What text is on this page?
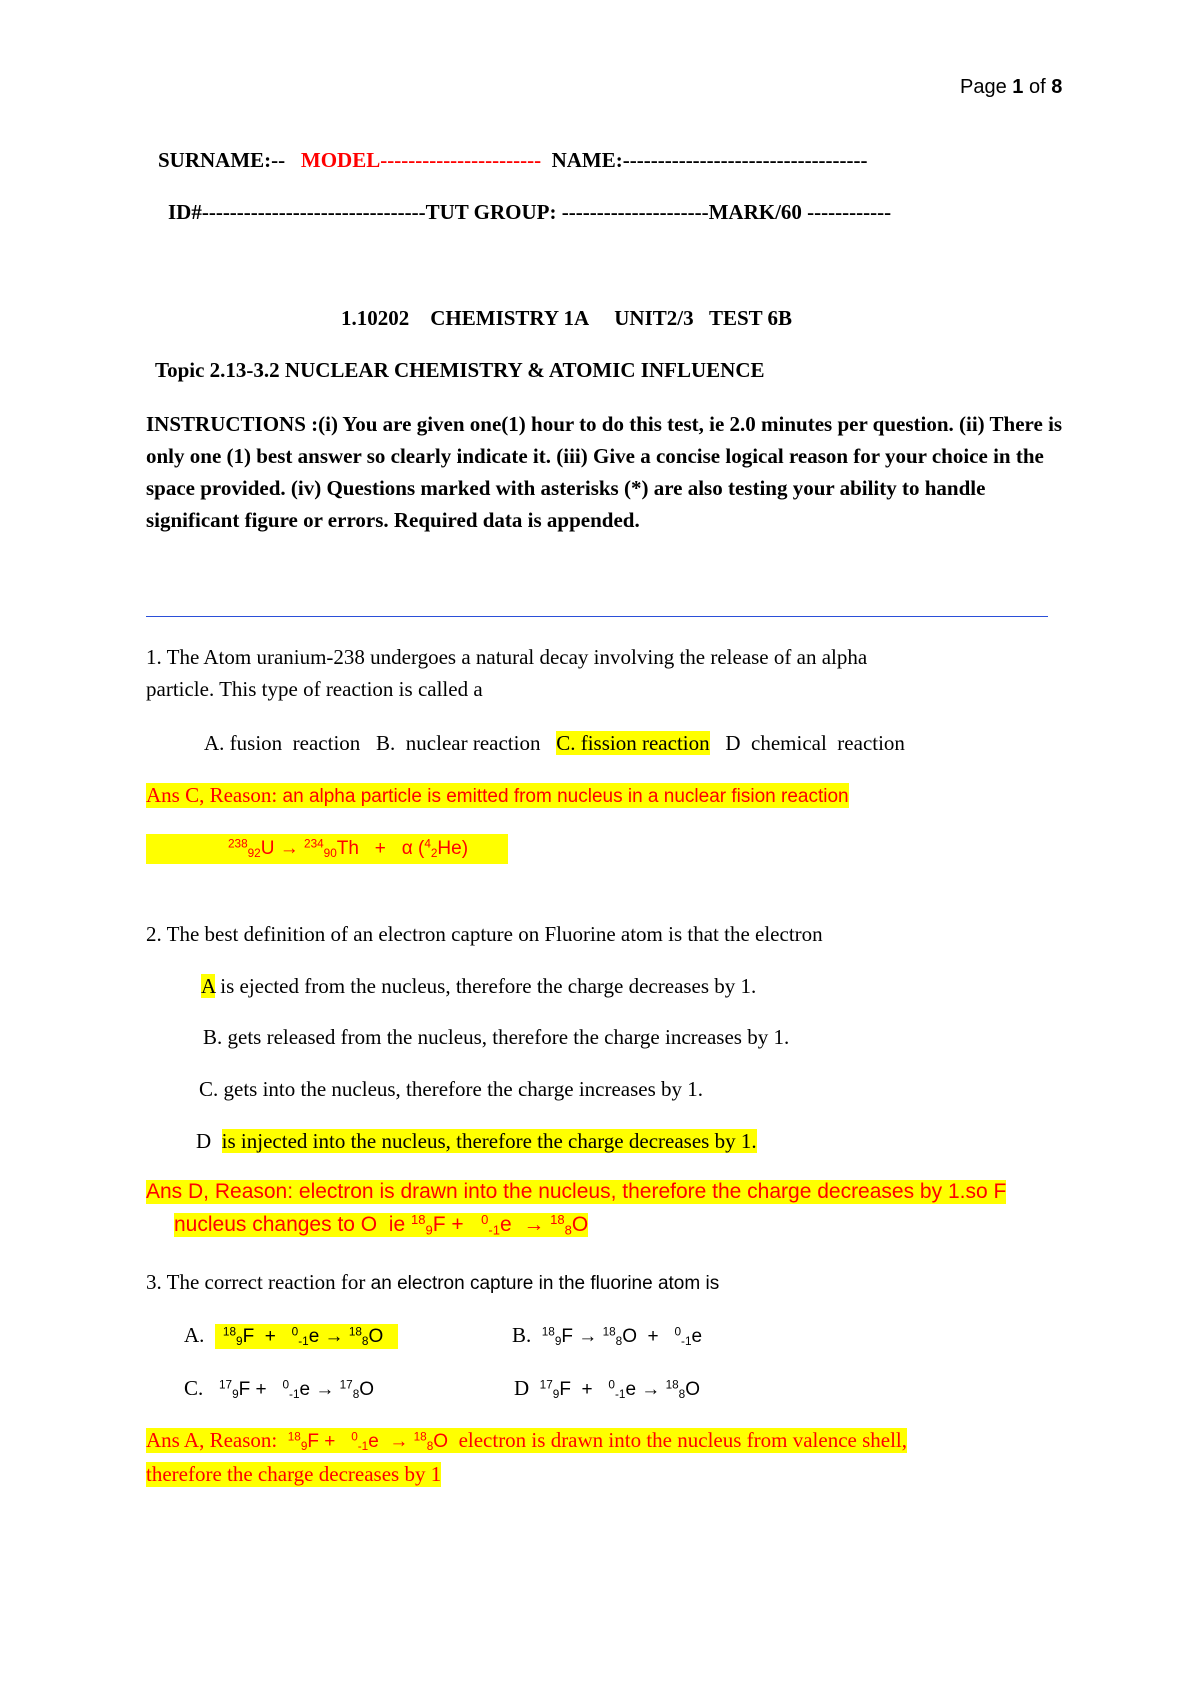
Page 1 of 8
SURNAME:-- MODEL----------------------- NAME:-----------------------------------
ID#--------------------------------TUT GROUP: ---------------------MARK/60 ------------
1.10202    CHEMISTRY 1A     UNIT2/3   TEST 6B
Topic 2.13-3.2 NUCLEAR CHEMISTRY & ATOMIC INFLUENCE
INSTRUCTIONS :(i) You are given one(1) hour to do this test, ie 2.0 minutes per question. (ii) There is only one (1) best answer so clearly indicate it. (iii) Give a concise logical reason for your choice in the space provided. (iv) Questions marked with asterisks (*) are also testing your ability to handle significant figure or errors. Required data is appended.
1. The Atom uranium-238 undergoes a natural decay involving the release of an alpha
particle. This type of reaction is called a
A. fusion  reaction B.  nuclear reaction C. fission reaction D  chemical  reaction
Ans C, Reason: an alpha particle is emitted from nucleus in a nuclear fision reaction
$^{238}_{92}$U → $^{234}_{90}$Th   +   α ($^4_2$He)
2. The best definition of an electron capture on Fluorine atom is that the electron
A is ejected from the nucleus, therefore the charge decreases by 1.
B. gets released from the nucleus, therefore the charge increases by 1.
C. gets into the nucleus, therefore the charge increases by 1.
D is injected into the nucleus, therefore the charge decreases by 1.
Ans D, Reason: electron is drawn into the nucleus, therefore the charge decreases by 1.so F
nucleus changes to O  ie $^{18}_9$F +   $^0_{-1}$e  → $^{18}_8$O
3. The correct reaction for an electron capture in the fluorine atom is
A. $^{18}_9$F  +   $^0_{-1}$e → $^{18}_8$O	B. $^{18}_9$F → $^{18}_8$O  +   $^0_{-1}$e
C. $^{17}_9$F +   $^0_{-1}$e → $^{17}_8$O	D $^{17}_9$F  +   $^0_{-1}$e → $^{18}_8$O
Ans A, Reason:  $^{18}_9$F +   $^0_{-1}$e  → $^{18}_8$O  electron is drawn into the nucleus from valence shell,
therefore the charge decreases by 1
